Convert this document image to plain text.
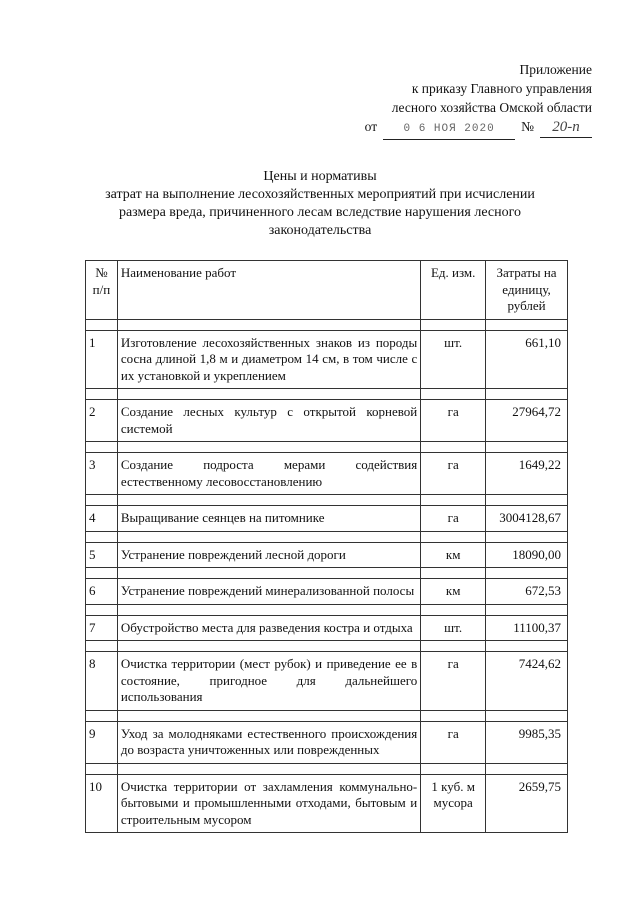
Приложение
к приказу Главного управления
лесного хозяйства Омской области
от	0 6 НОЯ 2020	№	20-п
Цены и нормативы
затрат на выполнение лесохозяйственных мероприятий при исчислении
размера вреда, причиненного лесам вследствие нарушения лесного
законодательства
№ п/п	Наименование работ	Ед. изм.	Затраты на единицу, рублей

1	Изготовление лесохозяйственных знаков из породы сосна длиной 1,8 м и диаметром 14 см, в том числе с их установкой и укреплением	шт.	661,10

2	Создание лесных культур с открытой корневой системой	га	27964,72

3	Создание подроста мерами содействия естественному лесовосстановлению	га	1649,22

4	Выращивание сеянцев на питомнике	га	3004128,67

5	Устранение повреждений лесной дороги	км	18090,00

6	Устранение повреждений минерализованной полосы	км	672,53

7	Обустройство места для разведения костра и отдыха	шт.	11100,37

8	Очистка территории (мест рубок) и приведение ее в состояние, пригодное для дальнейшего использования	га	7424,62

9	Уход за молодняками естественного происхождения до возраста уничтоженных или поврежденных	га	9985,35

10	Очистка территории от захламления коммунально-бытовыми и промышленными отходами, бытовым и строительным мусором	1 куб. м мусора	2659,75
